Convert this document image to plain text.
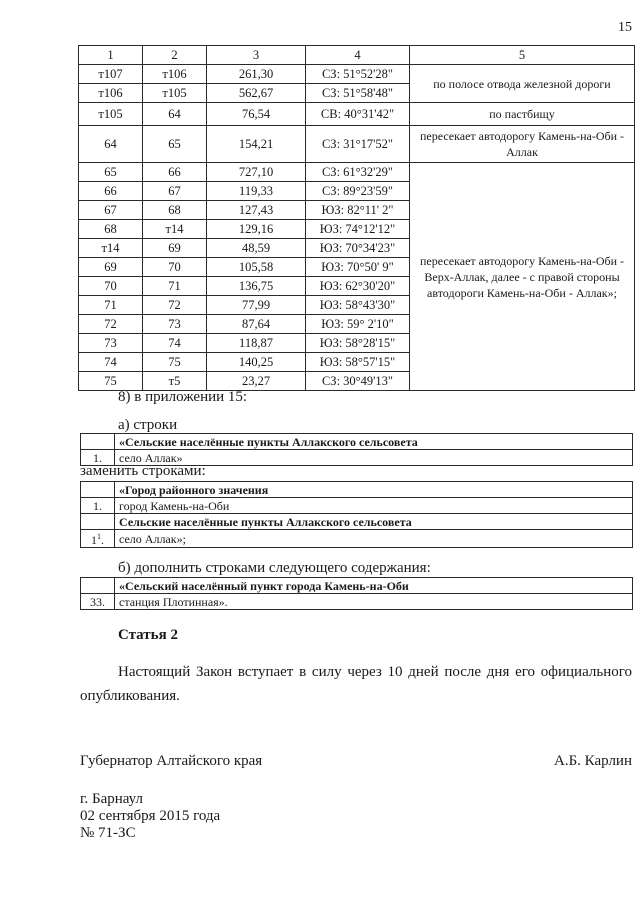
15
1	2	3	4	5
т107	т106	261,30	СЗ: 51°52'28"	по полосе отвода железной дороги
т106	т105	562,67	СЗ: 51°58'48"	
т105	64	76,54	СВ: 40°31'42"	по пастбищу
64	65	154,21	СЗ: 31°17'52"	пересекает автодорогу Камень-на-Оби - Аллак
65	66	727,10	СЗ: 61°32'29"	пересекает автодорогу Камень-на-Оби - Верх-Аллак, далее - с правой стороны автодороги Камень-на-Оби - Аллак»;
66	67	119,33	СЗ: 89°23'59"	
67	68	127,43	ЮЗ: 82°11' 2"	
68	т14	129,16	ЮЗ: 74°12'12"	
т14	69	48,59	ЮЗ: 70°34'23"	
69	70	105,58	ЮЗ: 70°50' 9"	
70	71	136,75	ЮЗ: 62°30'20"	
71	72	77,99	ЮЗ: 58°43'30"	
72	73	87,64	ЮЗ: 59° 2'10"	
73	74	118,87	ЮЗ: 58°28'15"	
74	75	140,25	ЮЗ: 58°57'15"	
75	т5	23,27	СЗ: 30°49'13"	
8) в приложении 15:
а) строки
	«Сельские населённые пункты Аллакского сельсовета
1.	село Аллак»
заменить строками:
	«Город районного значения
1.	город Камень-на-Оби
	Сельские населённые пункты Аллакского сельсовета
$1^1$.	село Аллак»;
б) дополнить строками следующего содержания:
	«Сельский населённый пункт города Камень-на-Оби
33.	станция Плотинная».
Статья 2
Настоящий Закон вступает в силу через 10 дней после дня его официального опубликования.
Губернатор Алтайского края	А.Б. Карлин
г. Барнаул
02 сентября 2015 года
№ 71-ЗС
